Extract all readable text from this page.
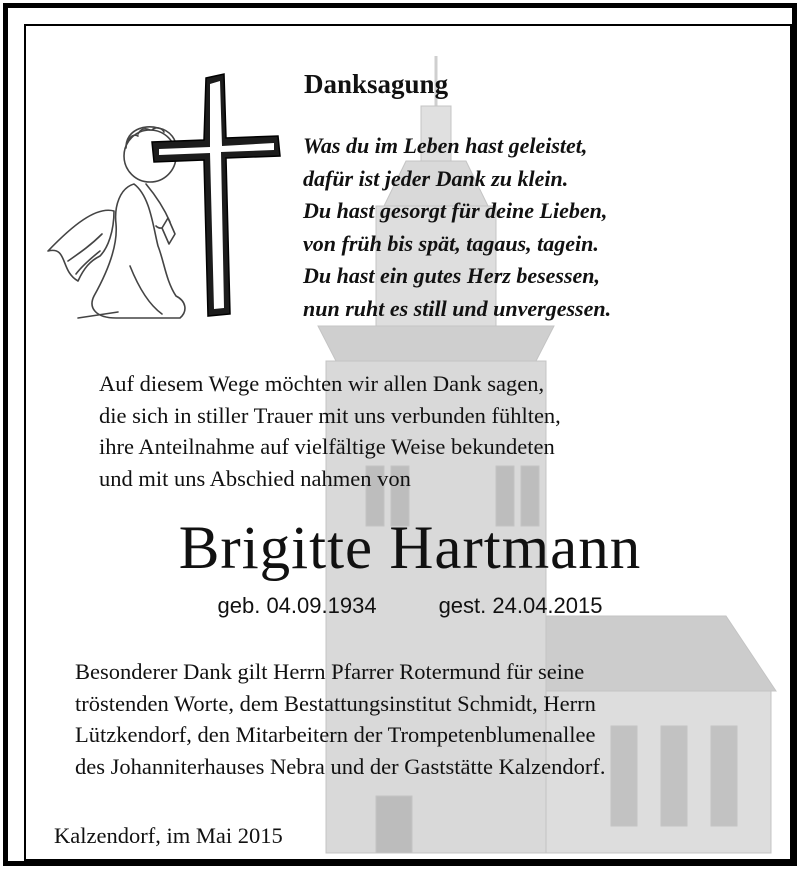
Danksagung

Was du im Leben hast geleistet,
dafür ist jeder Dank zu klein.
Du hast gesorgt für deine Lieben,
von früh bis spät, tagaus, tagein.
Du hast ein gutes Herz besessen,
nun ruht es still und unvergessen.

Auf diesem Wege möchten wir allen Dank sagen,
die sich in stiller Trauer mit uns verbunden fühlten,
ihre Anteilnahme auf vielfältige Weise bekundeten
und mit uns Abschied nahmen von

Brigitte Hartmann

geb. 04.09.1934	gest. 24.04.2015

Besonderer Dank gilt Herrn Pfarrer Rotermund für seine
tröstenden Worte, dem Bestattungsinstitut Schmidt, Herrn
Lützkendorf, den Mitarbeitern der Trompetenblumenallee
des Johanniterhauses Nebra und der Gaststätte Kalzendorf.

Kalzendorf, im Mai 2015
